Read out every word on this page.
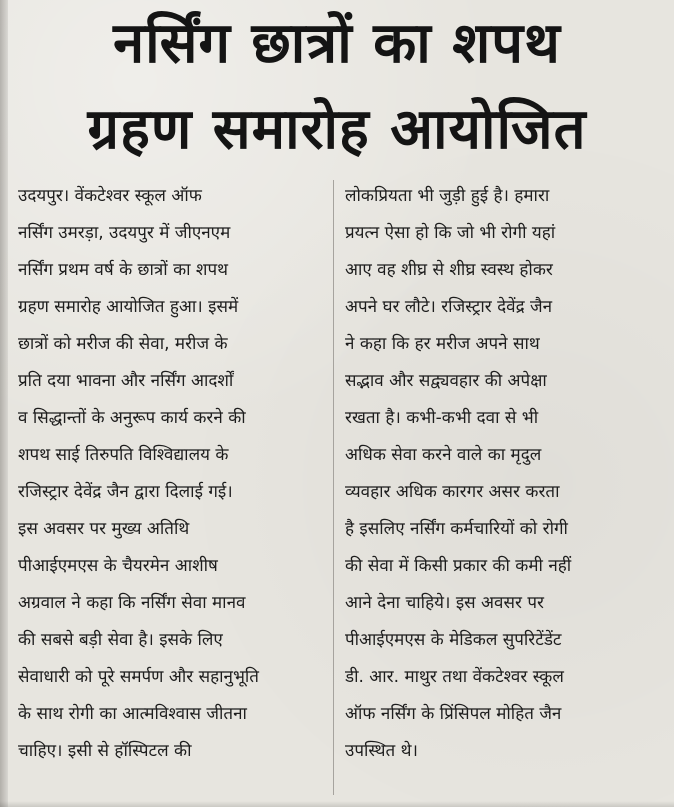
नर्सिंग छात्रों का शपथ
ग्रहण समारोह आयोजित
उदयपुर। वेंकटेश्वर स्कूल ऑफ
नर्सिंग उमरड़ा, उदयपुर में जीएनएम
नर्सिंग प्रथम वर्ष के छात्रों का शपथ
ग्रहण समारोह आयोजित हुआ। इसमें
छात्रों को मरीज की सेवा, मरीज के
प्रति दया भावना और नर्सिंग आदर्शों
व सिद्धान्तों के अनुरूप कार्य करने की
शपथ साई तिरुपति विश्विद्यालय के
रजिस्ट्रार देवेंद्र जैन द्वारा दिलाई गई।
इस अवसर पर मुख्य अतिथि
पीआईएमएस के चैयरमेन आशीष
अग्रवाल ने कहा कि नर्सिंग सेवा मानव
की सबसे बड़ी सेवा है। इसके लिए
सेवाधारी को पूरे समर्पण और सहानुभूति
के साथ रोगी का आत्मविश्वास जीतना
चाहिए। इसी से हॉस्पिटल की
लोकप्रियता भी जुड़ी हुई है। हमारा
प्रयत्न ऐसा हो कि जो भी रोगी यहां
आए वह शीघ्र से शीघ्र स्वस्थ होकर
अपने घर लौटे। रजिस्ट्रार देवेंद्र जैन
ने कहा कि हर मरीज अपने साथ
सद्भाव और सद्व्यवहार की अपेक्षा
रखता है। कभी-कभी दवा से भी
अधिक सेवा करने वाले का मृदुल
व्यवहार अधिक कारगर असर करता
है इसलिए नर्सिंग कर्मचारियों को रोगी
की सेवा में किसी प्रकार की कमी नहीं
आने देना चाहिये। इस अवसर पर
पीआईएमएस के मेडिकल सुपरिटेंडेंट
डी. आर. माथुर तथा वेंकटेश्वर स्कूल
ऑफ नर्सिंग के प्रिंसिपल मोहित जैन
उपस्थित थे।
